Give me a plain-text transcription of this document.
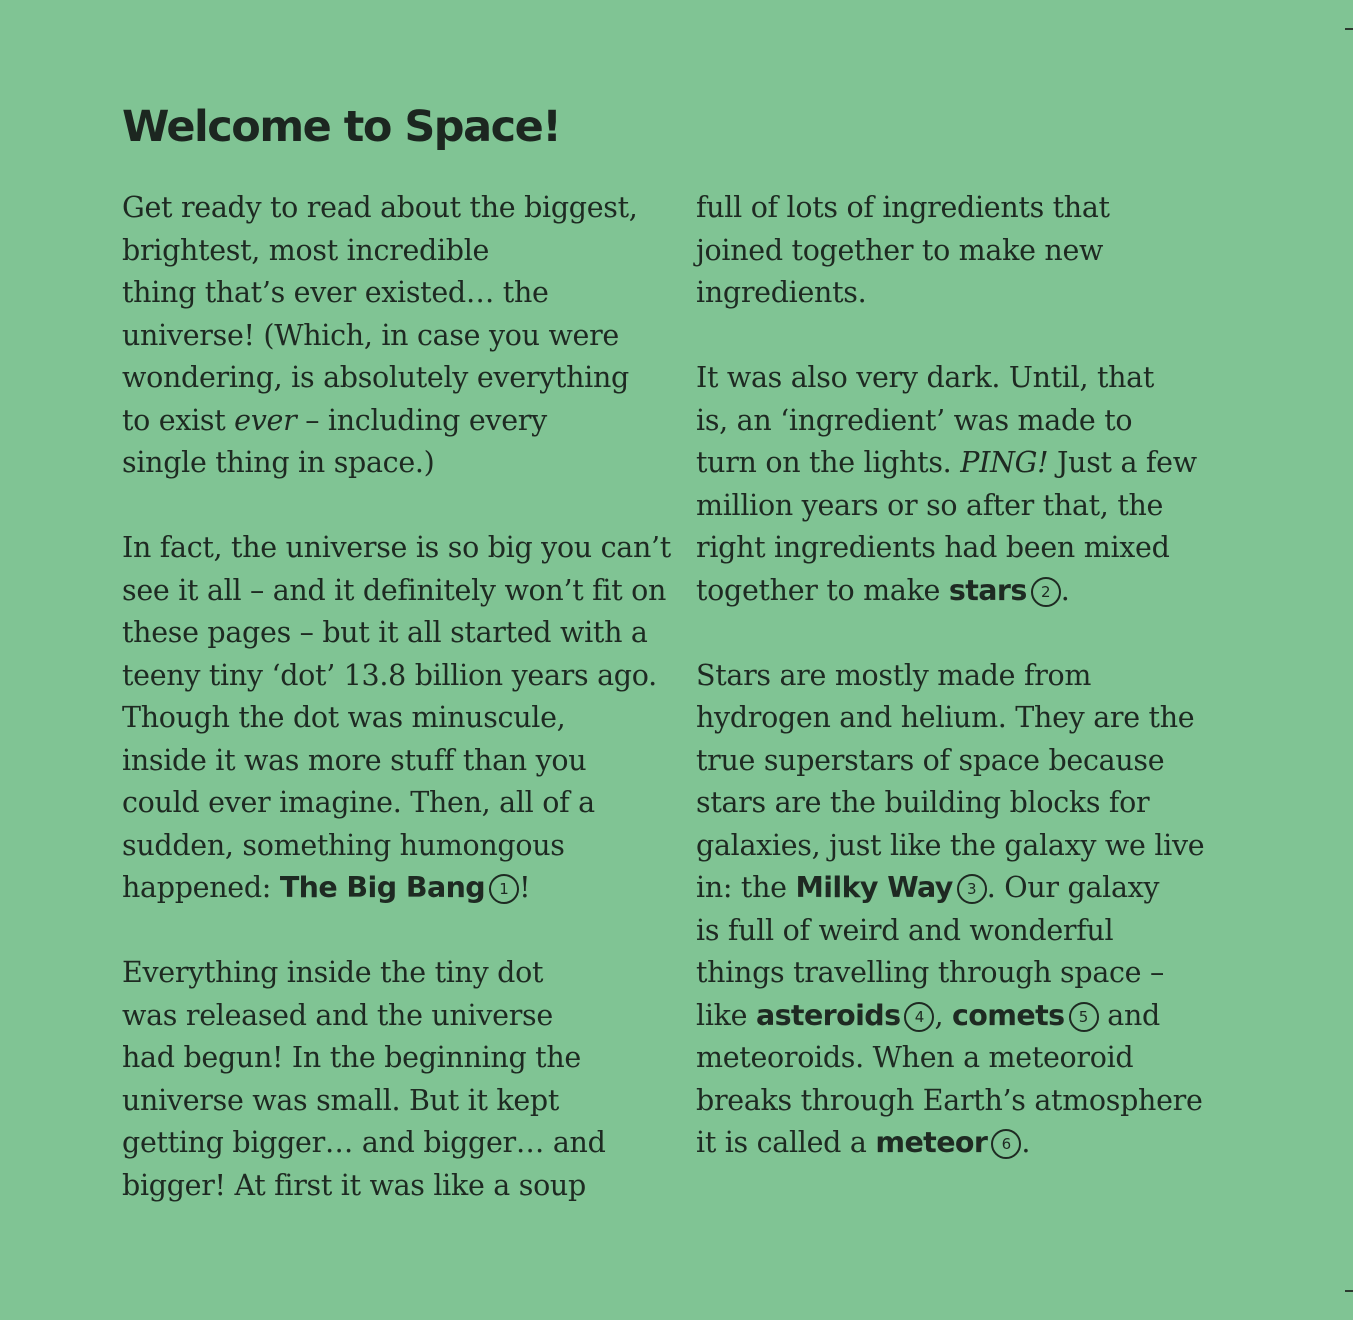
Welcome to Space!
Get ready to read about the biggest,
brightest, most incredible
thing that’s ever existed… the
universe! (Which, in case you were
wondering, is absolutely everything
to exist ever – including every
single thing in space.)
In fact, the universe is so big you can’t
see it all – and it definitely won’t fit on
these pages – but it all started with a
teeny tiny ‘dot’ 13.8 billion years ago.
Though the dot was minuscule,
inside it was more stuff than you
could ever imagine. Then, all of a
sudden, something humongous
happened: The Big Bang 1 !
Everything inside the tiny dot
was released and the universe
had begun! In the beginning the
universe was small. But it kept
getting bigger… and bigger… and
bigger! At first it was like a soup
full of lots of ingredients that
joined together to make new
ingredients.
It was also very dark. Until, that
is, an ‘ingredient’ was made to
turn on the lights. PING! Just a few
million years or so after that, the
right ingredients had been mixed
together to make stars 2 .
Stars are mostly made from
hydrogen and helium. They are the
true superstars of space because
stars are the building blocks for
galaxies, just like the galaxy we live
in: the Milky Way 3 . Our galaxy
is full of weird and wonderful
things travelling through space –
like asteroids 4 , comets 5 and
meteoroids. When a meteoroid
breaks through Earth’s atmosphere
it is called a meteor 6 .
